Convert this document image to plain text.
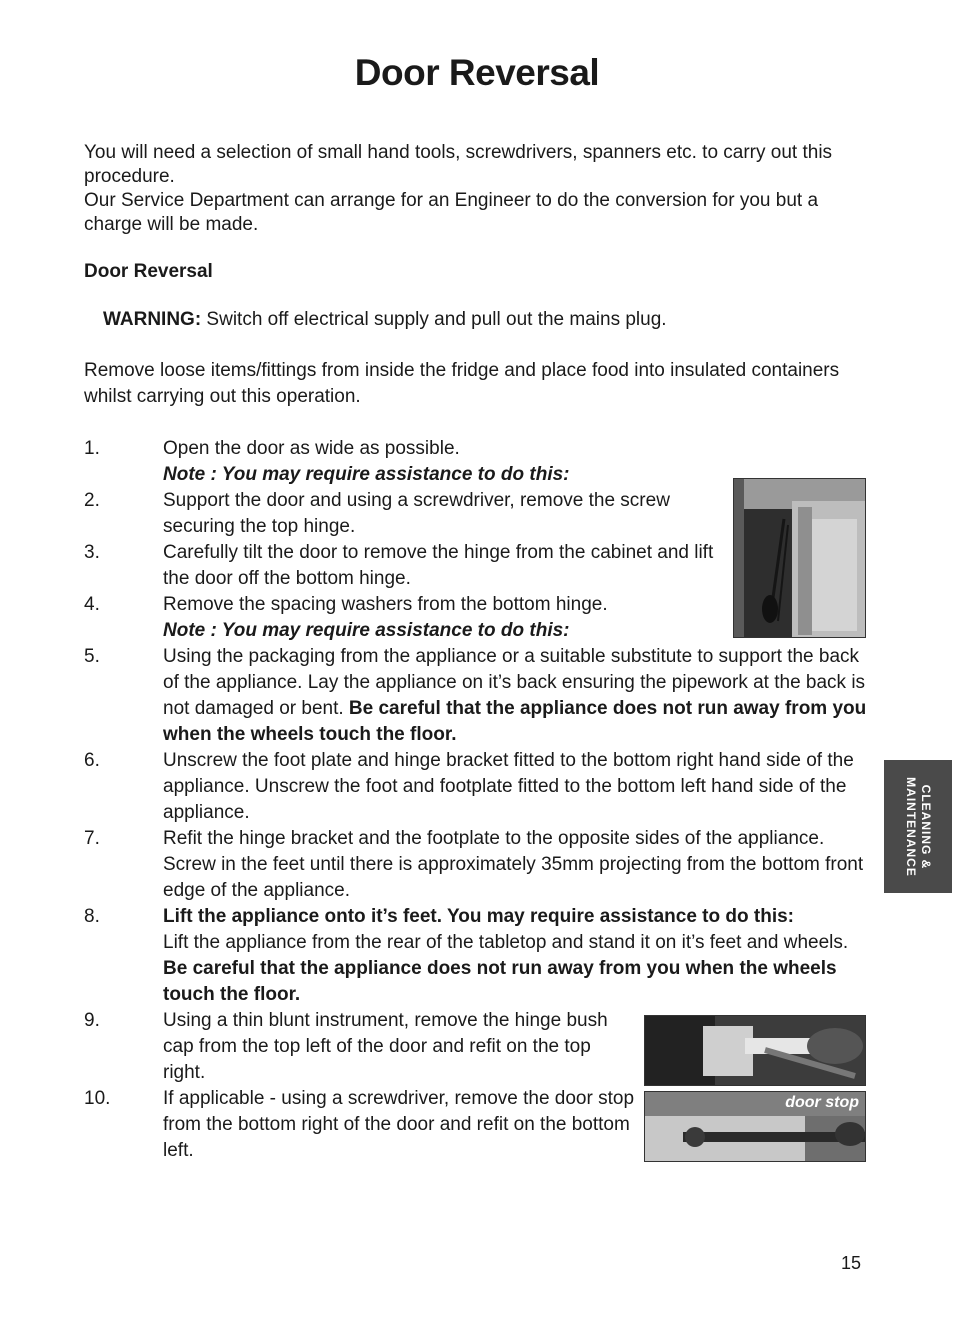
Door Reversal

You will need a selection of small hand tools, screwdrivers, spanners etc. to carry out this procedure.

Our Service Department can arrange for an Engineer to do the conversion for you but a charge will be made.

Door Reversal

WARNING: Switch off electrical supply and pull out the mains plug.

Remove loose items/fittings from inside the fridge and place food into insulated containers whilst carrying out this operation.

1.	Open the door as wide as possible.
Note : You may require assistance to do this:
2.	Support the door and using a screwdriver, remove the screw securing the top hinge.
3.	Carefully tilt the door to remove the hinge from the cabinet and lift the door off the bottom hinge.
4.	Remove the spacing washers from the bottom hinge.
Note : You may require assistance to do this:
5.	Using the packaging from the appliance or a suitable substitute to support the back of the appliance. Lay the appliance on it’s back ensuring the pipework at the back is not damaged or bent. Be careful that the appliance does not run away from you when the wheels touch the floor.
6.	Unscrew the foot plate and hinge bracket fitted to the bottom right hand side of the appliance. Unscrew the foot and footplate fitted to the bottom left hand side of the appliance.
7.	Refit the hinge bracket and the footplate to the opposite sides of the appliance. Screw in the feet until there is approximately 35mm projecting from the bottom front edge of the appliance.
8.	Lift the appliance onto it’s feet. You may require assistance to do this:
Lift the appliance from the rear of the tabletop and stand it on it’s feet and wheels. Be careful that the appliance does not run away from you when the wheels touch the floor.
9.	Using a thin blunt instrument, remove the hinge bush cap from the top left of the door and refit on the top right.
10.	If applicable - using a screwdriver, remove the door stop from the bottom right of the door and refit on the bottom left.
door stop
CLEANING &
MAINTENANCE
15
